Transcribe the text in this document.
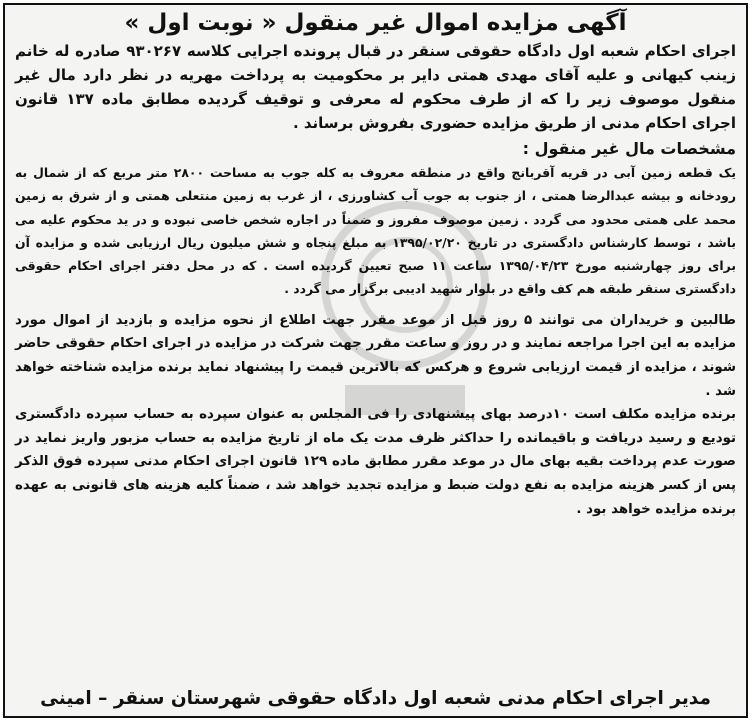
آگهی مزایده اموال غیر منقول « نوبت اول »

اجرای احکام شعبه اول دادگاه حقوقی سنقر در قبال پرونده اجرایی کلاسه ۹۳۰۲۶۷ صادره له خانم زینب کیهانی و علیه آقای مهدی همتی دایر بر محکومیت به پرداخت مهریه در نظر دارد مال غیر منقول موصوف زیر را که از طرف محکوم له معرفی و توقیف گردیده مطابق ماده ۱۳۷ قانون اجرای احکام مدنی از طریق مزایده حضوری بفروش برساند .

مشخصات مال غیر منقول :

یک قطعه زمین آبی در قریه آقربانج واقع در منطقه معروف به کله جوب به مساحت ۲۸۰۰ متر مربع که از شمال به رودخانه و بیشه عبدالرضا همتی ، از جنوب به جوب آب کشاورزی ، از غرب به زمین منتعلی همتی و از شرق به زمین محمد علی همتی محدود می گردد . زمین موصوف مفروز و ضمناً در اجاره شخص خاصی نبوده و در ید محکوم علیه می باشد ، توسط کارشناس دادگستری در تاریخ ۱۳۹۵/۰۲/۲۰ به مبلغ پنجاه و شش میلیون ریال ارزیابی شده و مزایده آن برای روز چهارشنبه مورخ ۱۳۹۵/۰۴/۲۳ ساعت ۱۱ صبح تعیین گردیده است . که در محل دفتر اجرای احکام حقوقی دادگستری سنقر طبقه هم کف واقع در بلوار شهید ادیبی برگزار می گردد .

طالبین و خریداران می توانند ۵ روز قبل از موعد مقرر جهت اطلاع از نحوه مزایده و بازدید از اموال مورد مزایده به این اجرا مراجعه نمایند و در روز و ساعت مقرر جهت شرکت در مزایده در اجرای احکام حقوقی حاضر شوند ، مزایده از قیمت ارزیابی شروع و هرکس که بالاترین قیمت را پیشنهاد نماید برنده مزایده شناخته خواهد شد .

برنده مزایده مکلف است ۱۰درصد بهای پیشنهادی را فی المجلس به عنوان سپرده به حساب سپرده دادگستری تودیع و رسید دریافت و باقیمانده را حداکثر ظرف مدت یک ماه از تاریخ مزایده به حساب مزبور واریز نماید در صورت عدم پرداخت بقیه بهای مال در موعد مقرر مطابق ماده ۱۲۹ قانون اجرای احکام مدنی سپرده فوق الذکر پس از کسر هزینه مزایده به نفع دولت ضبط و مزایده تجدید خواهد شد ، ضمناً کلیه هزینه های قانونی به عهده برنده مزایده خواهد بود .

مدیر اجرای احکام مدنی شعبه اول دادگاه حقوقی شهرستان سنقر – امینی
